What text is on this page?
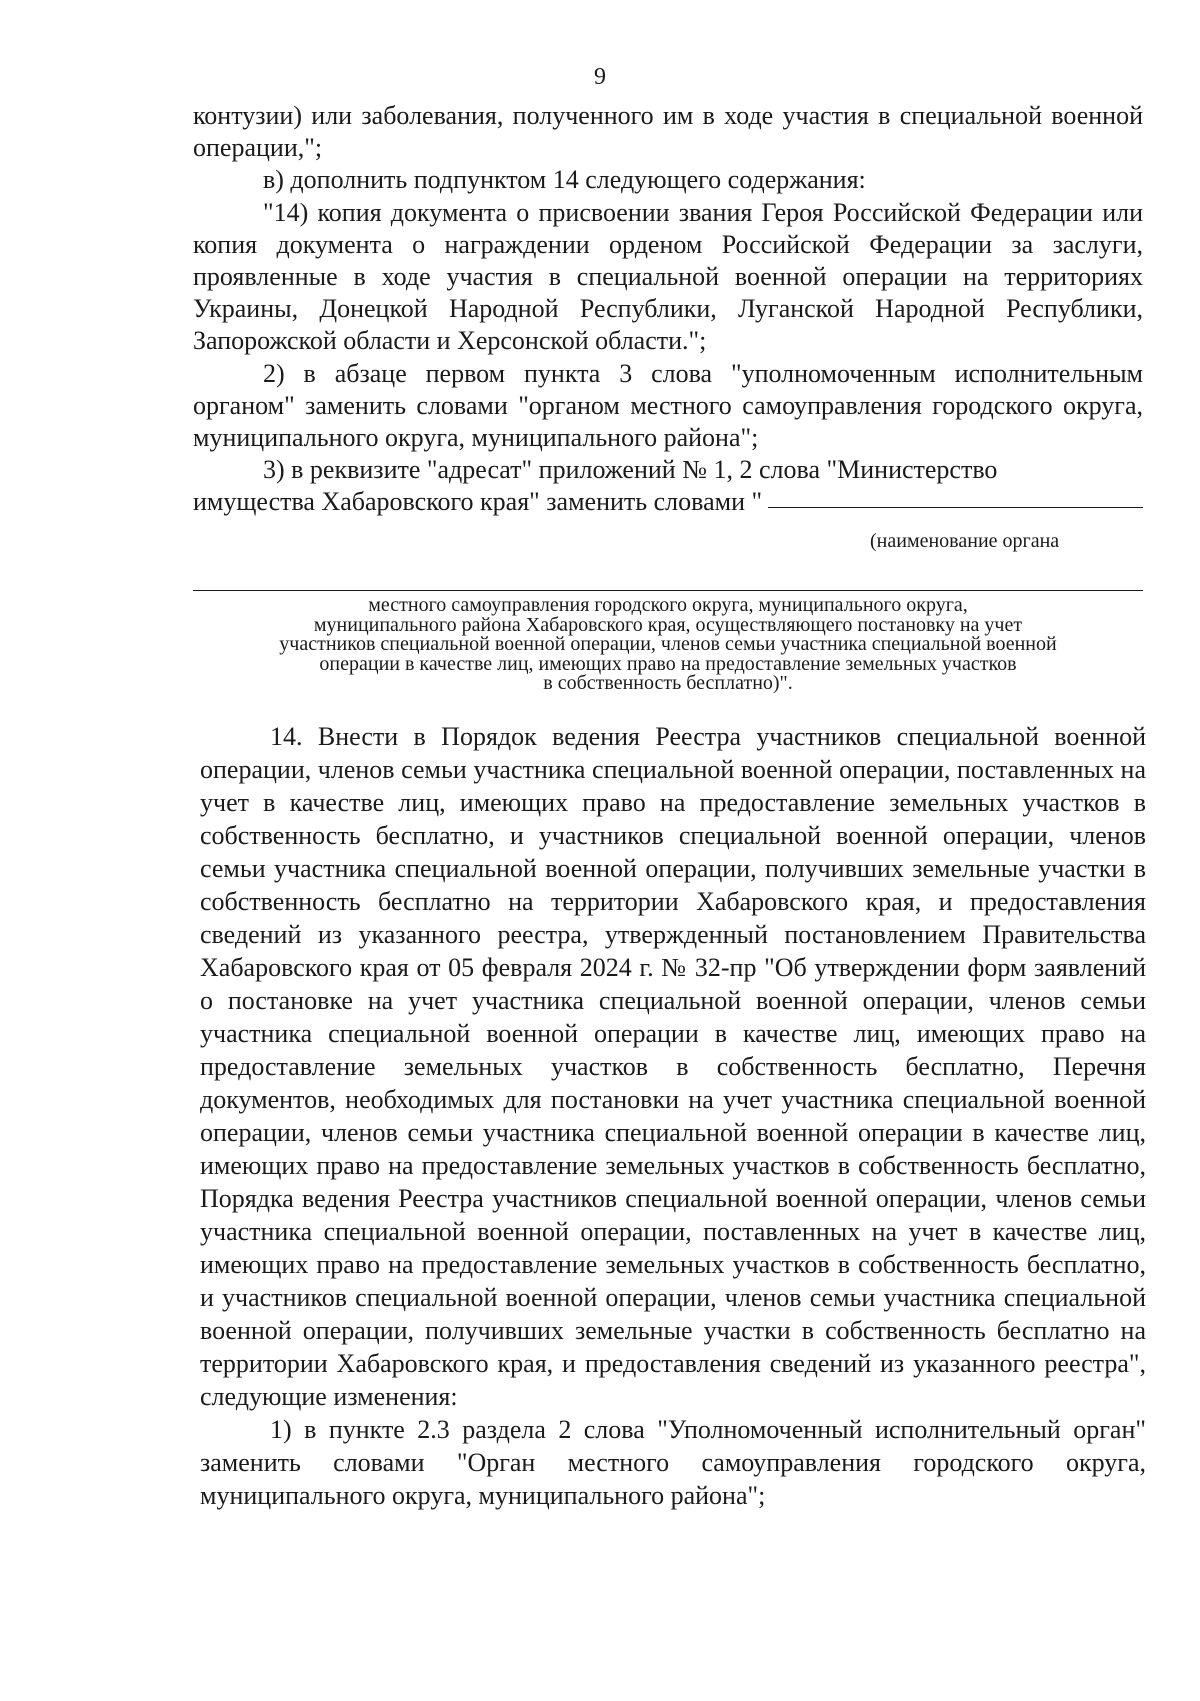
9

контузии) или заболевания, полученного им в ходе участия в специальной военной операции,";

в) дополнить подпунктом 14 следующего содержания:

"14) копия документа о присвоении звания Героя Российской Федерации или копия документа о награждении орденом Российской Федерации за заслуги, проявленные в ходе участия в специальной военной операции на территориях Украины, Донецкой Народной Республики, Луганской Народной Республики, Запорожской области и Херсонской области.";

2) в абзаце первом пункта 3 слова "уполномоченным исполнительным органом" заменить словами "органом местного самоуправления городского округа, муниципального округа, муниципального района";

3) в реквизите "адресат" приложений № 1, 2 слова "Министерство

имущества Хабаровского края" заменить словами "
(наименование органа

местного самоуправления городского округа, муниципального округа,

муниципального района Хабаровского края, осуществляющего постановку на учет

участников специальной военной операции, членов семьи участника специальной военной

операции в качестве лиц, имеющих право на предоставление земельных участков

в собственность бесплатно)".

14. Внести в Порядок ведения Реестра участников специальной военной операции, членов семьи участника специальной военной операции, поставленных на учет в качестве лиц, имеющих право на предоставление земельных участков в собственность бесплатно, и участников специальной военной операции, членов семьи участника специальной военной операции, получивших земельные участки в собственность бесплатно на территории Хабаровского края, и предоставления сведений из указанного реестра, утвержденный постановлением Правительства Хабаровского края от 05 февраля 2024 г. № 32-пр "Об утверждении форм заявлений о постановке на учет участника специальной военной операции, членов семьи участника специальной военной операции в качестве лиц, имеющих право на предоставление земельных участков в собственность бесплатно, Перечня документов, необходимых для постановки на учет участника специальной военной операции, членов семьи участника специальной военной операции в качестве лиц, имеющих право на предоставление земельных участков в собственность бесплатно, Порядка ведения Реестра участников специальной военной операции, членов семьи участника специальной военной операции, поставленных на учет в качестве лиц, имеющих право на предоставление земельных участков в собственность бесплатно, и участников специальной военной операции, членов семьи участника специальной военной операции, получивших земельные участки в собственность бесплатно на территории Хабаровского края, и предоставления сведений из указанного реестра", следующие изменения:

1) в пункте 2.3 раздела 2 слова "Уполномоченный исполнительный орган" заменить словами "Орган местного самоуправления городского округа, муниципального округа, муниципального района";
